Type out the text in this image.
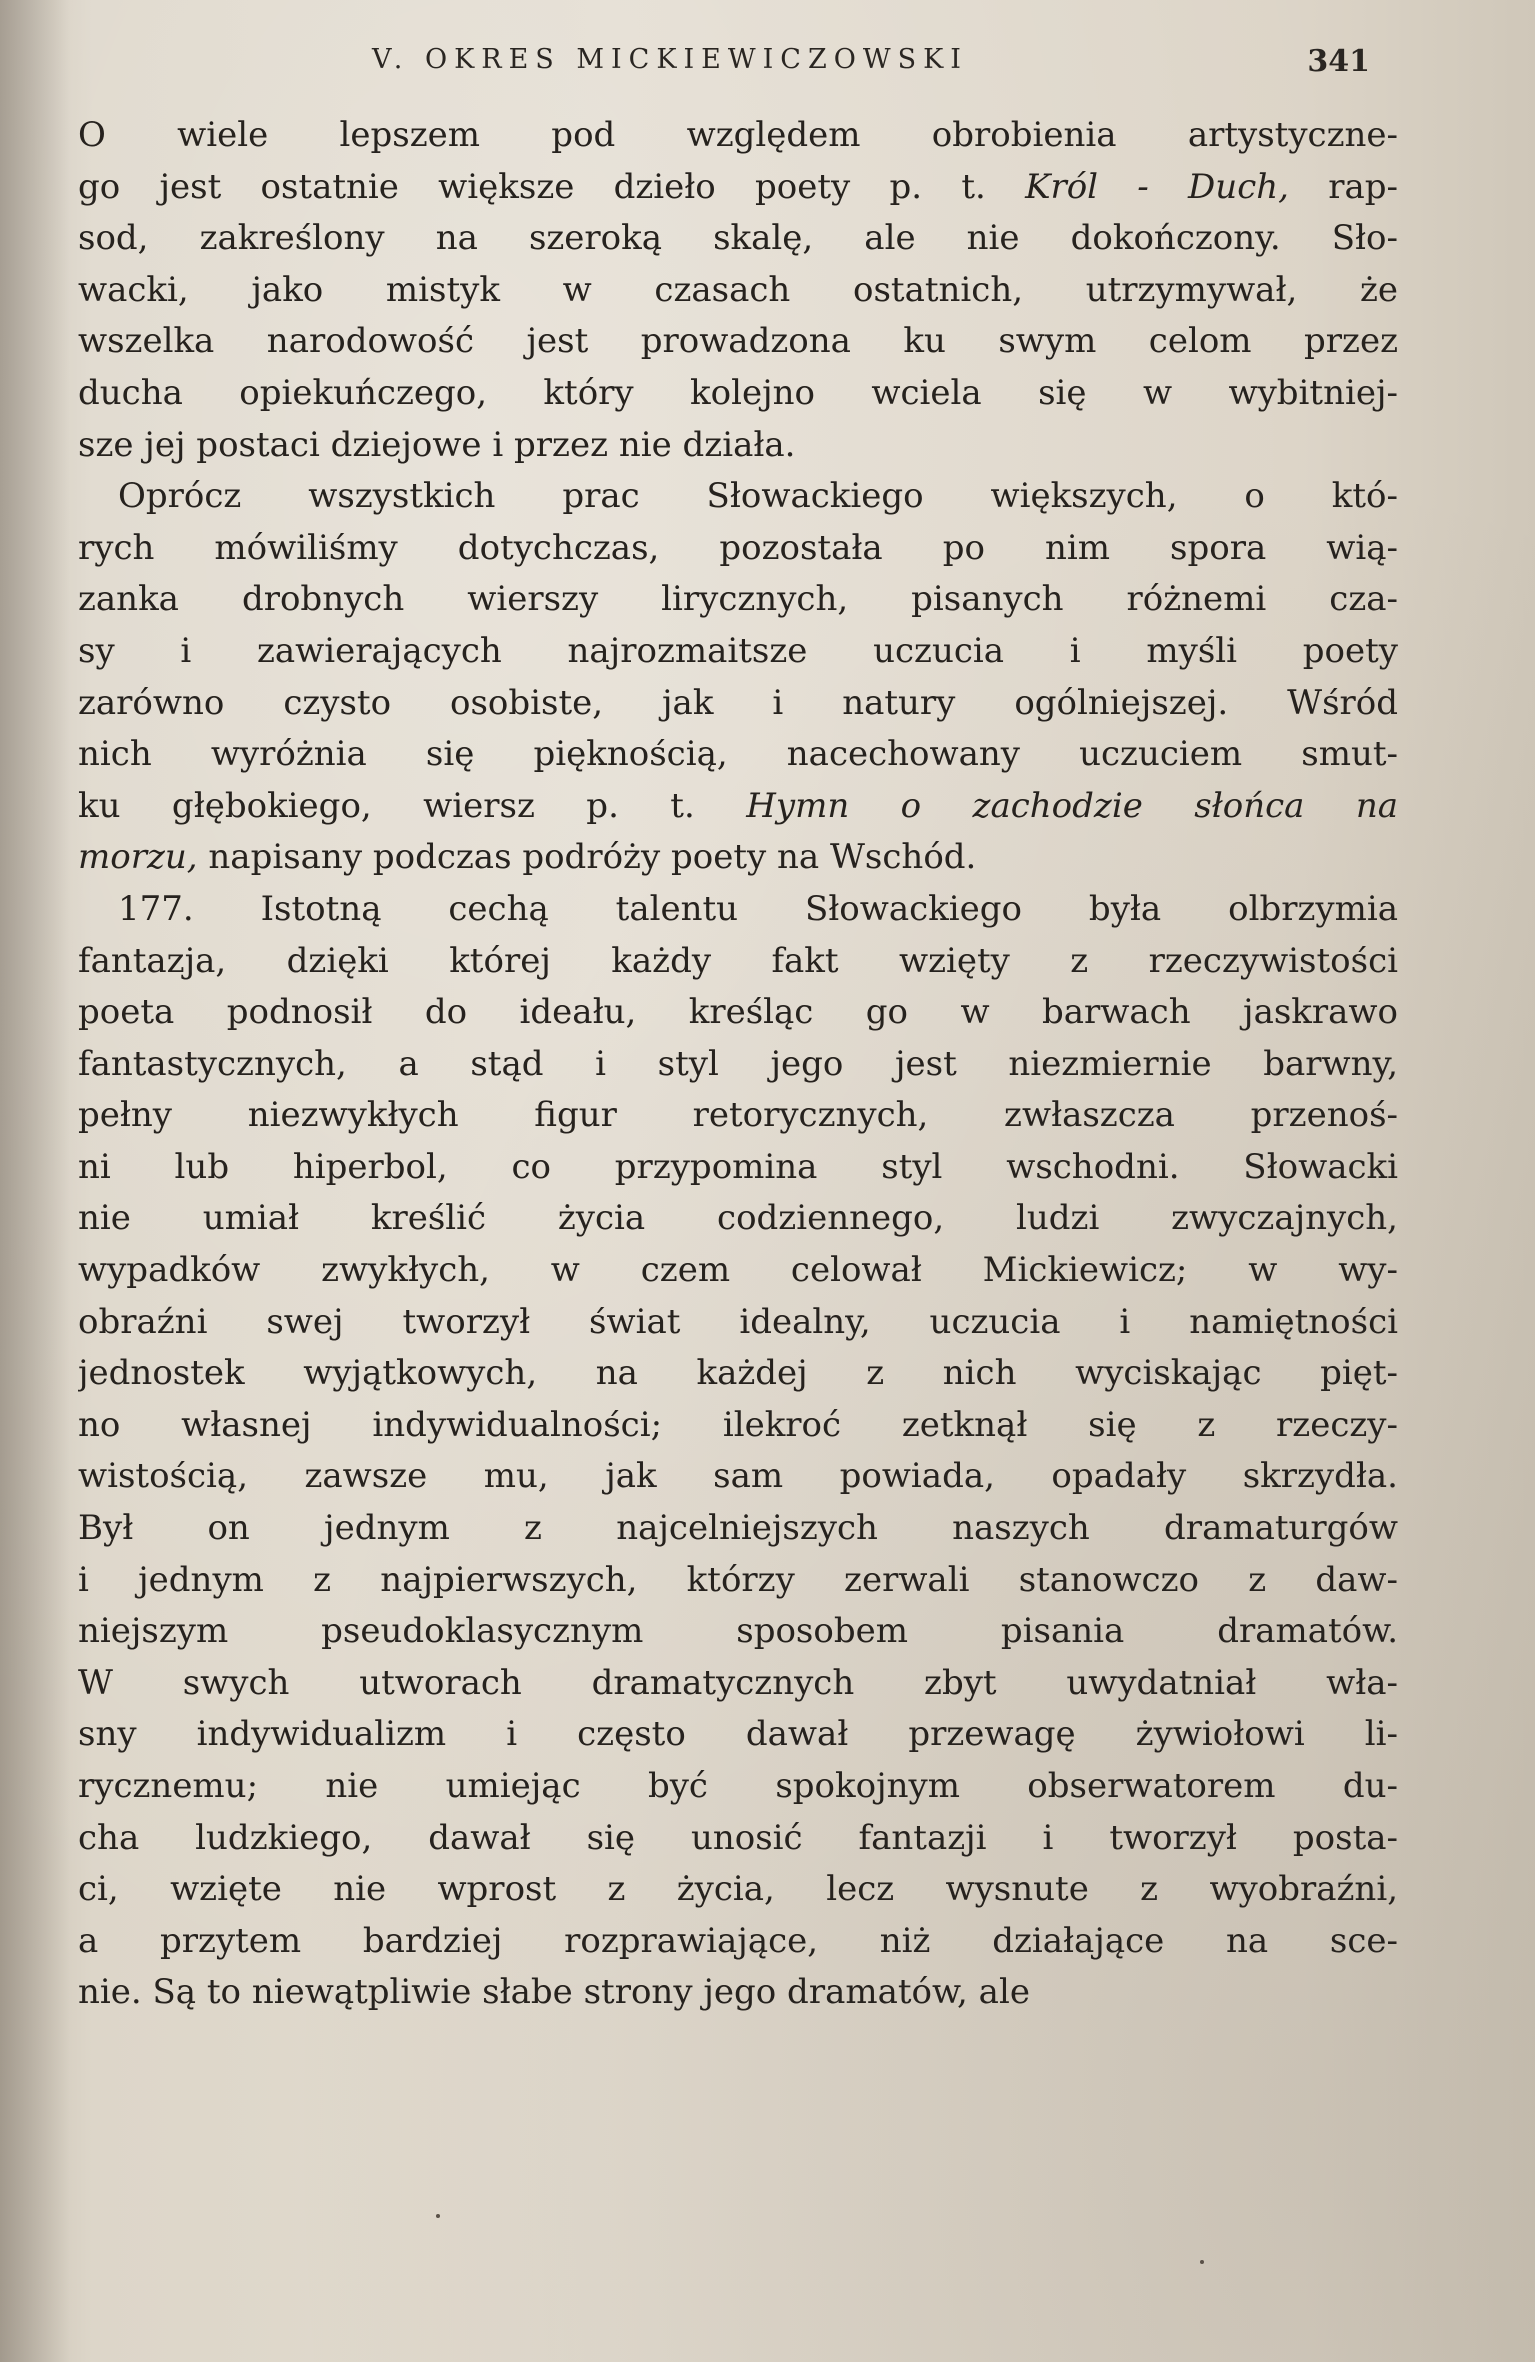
V. OKRES MICKIEWICZOWSKI	341
O wiele lepszem pod względem obrobienia artystyczne-
go jest ostatnie większe dzieło poety p. t. Król - Duch, rap-
sod, zakreślony na szeroką skalę, ale nie dokończony. Sło-
wacki, jako mistyk w czasach ostatnich, utrzymywał, że
wszelka narodowość jest prowadzona ku swym celom przez
ducha opiekuńczego, który kolejno wciela się w wybitniej-
sze jej postaci dziejowe i przez nie działa.
Oprócz wszystkich prac Słowackiego większych, o któ-
rych mówiliśmy dotychczas, pozostała po nim spora wią-
zanka drobnych wierszy lirycznych, pisanych różnemi cza-
sy i zawierających najrozmaitsze uczucia i myśli poety
zarówno czysto osobiste, jak i natury ogólniejszej. Wśród
nich wyróżnia się pięknością, nacechowany uczuciem smut-
ku głębokiego, wiersz p. t. Hymn o zachodzie słońca na
morzu, napisany podczas podróży poety na Wschód.
177. Istotną cechą talentu Słowackiego była olbrzymia
fantazja, dzięki której każdy fakt wzięty z rzeczywistości
poeta podnosił do ideału, kreśląc go w barwach jaskrawo
fantastycznych, a stąd i styl jego jest niezmiernie barwny,
pełny niezwykłych figur retorycznych, zwłaszcza przenoś-
ni lub hiperbol, co przypomina styl wschodni. Słowacki
nie umiał kreślić życia codziennego, ludzi zwyczajnych,
wypadków zwykłych, w czem celował Mickiewicz; w wy-
obraźni swej tworzył świat idealny, uczucia i namiętności
jednostek wyjątkowych, na każdej z nich wyciskając pięt-
no własnej indywidualności; ilekroć zetknął się z rzeczy-
wistością, zawsze mu, jak sam powiada, opadały skrzydła.
Był on jednym z najcelniejszych naszych dramaturgów
i jednym z najpierwszych, którzy zerwali stanowczo z daw-
niejszym pseudoklasycznym sposobem pisania dramatów.
W swych utworach dramatycznych zbyt uwydatniał wła-
sny indywidualizm i często dawał przewagę żywiołowi li-
rycznemu; nie umiejąc być spokojnym obserwatorem du-
cha ludzkiego, dawał się unosić fantazji i tworzył posta-
ci, wzięte nie wprost z życia, lecz wysnute z wyobraźni,
a przytem bardziej rozprawiające, niż działające na sce-
nie. Są to niewątpliwie słabe strony jego dramatów, ale
